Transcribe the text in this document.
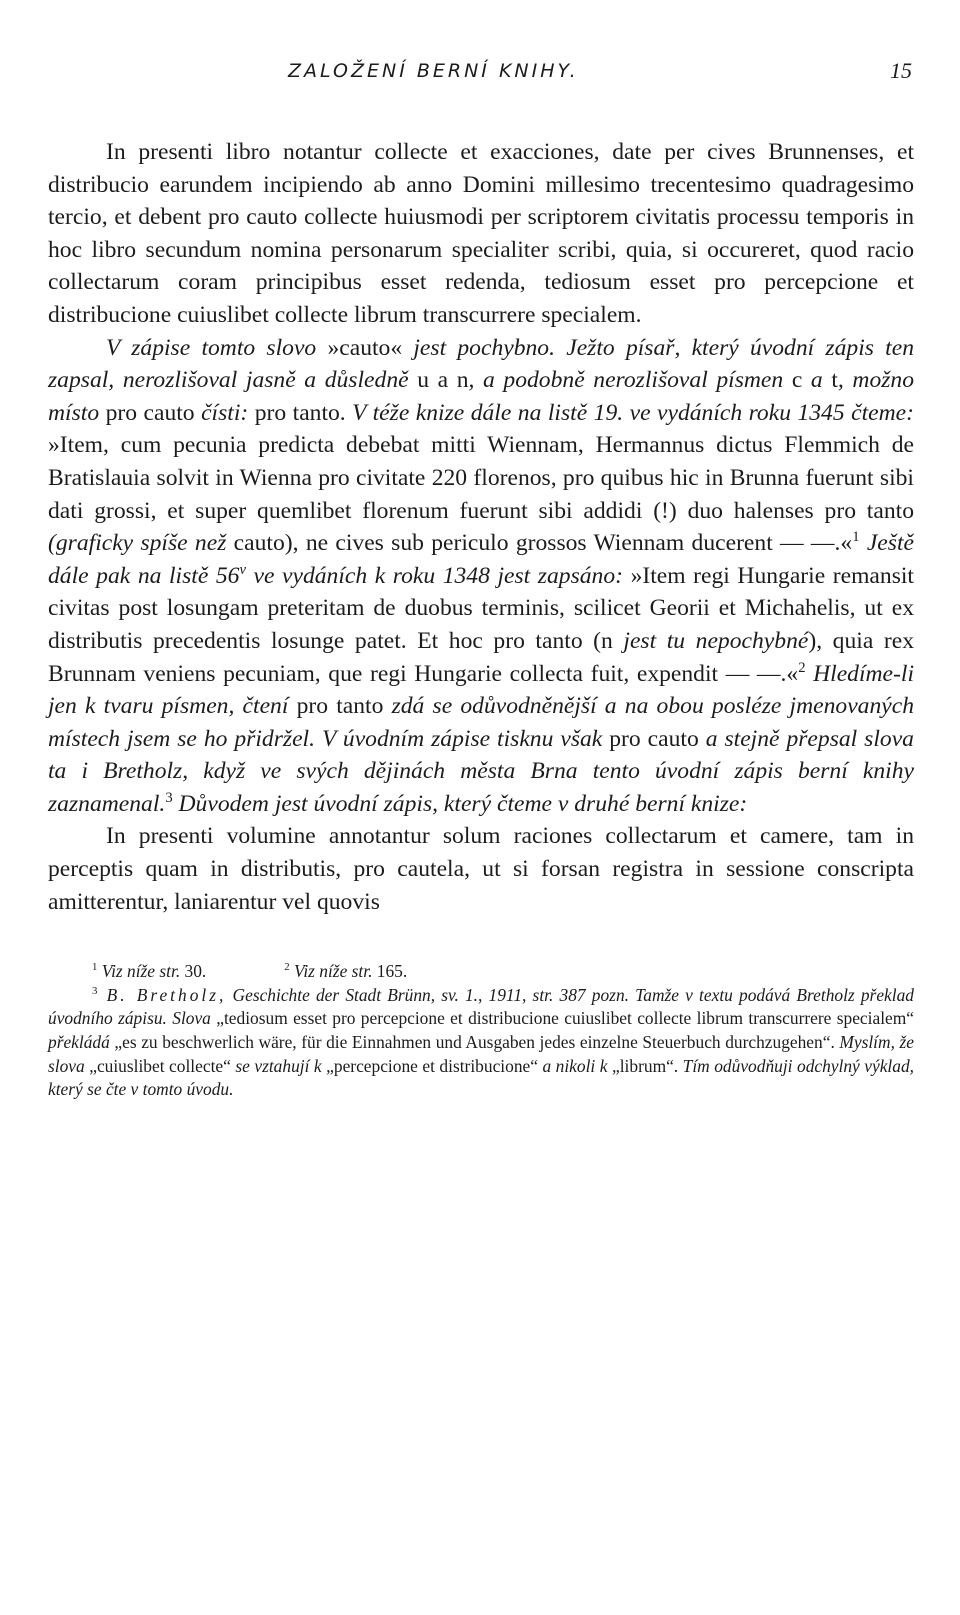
ZALOŽENÍ BERNÍ KNIHY.	15

In presenti libro notantur collecte et exacciones, date per cives Brunnenses, et distribucio earundem incipiendo ab anno Domini millesimo trecentesimo quadragesimo tercio, et debent pro cauto collecte huiusmodi per scriptorem civitatis processu temporis in hoc libro secundum nomina personarum specialiter scribi, quia, si occureret, quod racio collectarum coram principibus esset redenda, tediosum esset pro percepcione et distribucione cuiuslibet collecte librum transcurrere specialem.

V zápise tomto slovo »cauto« jest pochybno. Ježto písař, který úvodní zápis ten zapsal, nerozlišoval jasně a důsledně u a n, a podobně nerozlišoval písmen c a t, možno místo pro cauto čísti: pro tanto. V téže knize dále na listě 19. ve vydáních roku 1345 čteme: »Item, cum pecunia predicta debebat mitti Wiennam, Hermannus dictus Flemmich de Bratislauia solvit in Wienna pro civitate 220 florenos, pro quibus hic in Brunna fuerunt sibi dati grossi, et super quemlibet florenum fuerunt sibi addidi (!) duo halenses pro tanto (graficky spíše než cauto), ne cives sub periculo grossos Wiennam ducerent — —.«$^1$ Ještě dále pak na listě 56$^v$ ve vydáních k roku 1348 jest zapsáno: »Item regi Hungarie remansit civitas post losungam preteritam de duobus terminis, scilicet Georii et Michahelis, ut ex distributis precedentis losunge patet. Et hoc pro tanto (n jest tu nepochybné), quia rex Brunnam veniens pecuniam, que regi Hungarie collecta fuit, expendit — —.«$^2$ Hledíme-li jen k tvaru písmen, čtení pro tanto zdá se odůvodněnější a na obou posléze jmenovaných místech jsem se ho přidržel. V úvodním zápise tisknu však pro cauto a stejně přepsal slova ta i Bretholz, když ve svých dějinách města Brna tento úvodní zápis berní knihy zaznamenal.$^3$ Důvodem jest úvodní zápis, který čteme v druhé berní knize:

In presenti volumine annotantur solum raciones collectarum et camere, tam in perceptis quam in distributis, pro cautela, ut si forsan registra in sessione conscripta amitterentur, laniarentur vel quovis

$^1$ Viz níže str. 30.	$^2$ Viz níže str. 165.

$^3$ B. Bretholz, Geschichte der Stadt Brünn, sv. 1., 1911, str. 387 pozn. Tamže v textu podává Bretholz překlad úvodního zápisu. Slova „tediosum esset pro percepcione et distribucione cuiuslibet collecte librum transcurrere specialem“ překládá „es zu beschwerlich wäre, für die Einnahmen und Ausgaben jedes einzelne Steuerbuch durchzugehen“. Myslím, že slova „cuiuslibet collecte“ se vztahují k „percepcione et distribucione“ a nikoli k „librum“. Tím odůvodňuji odchylný výklad, který se čte v tomto úvodu.
